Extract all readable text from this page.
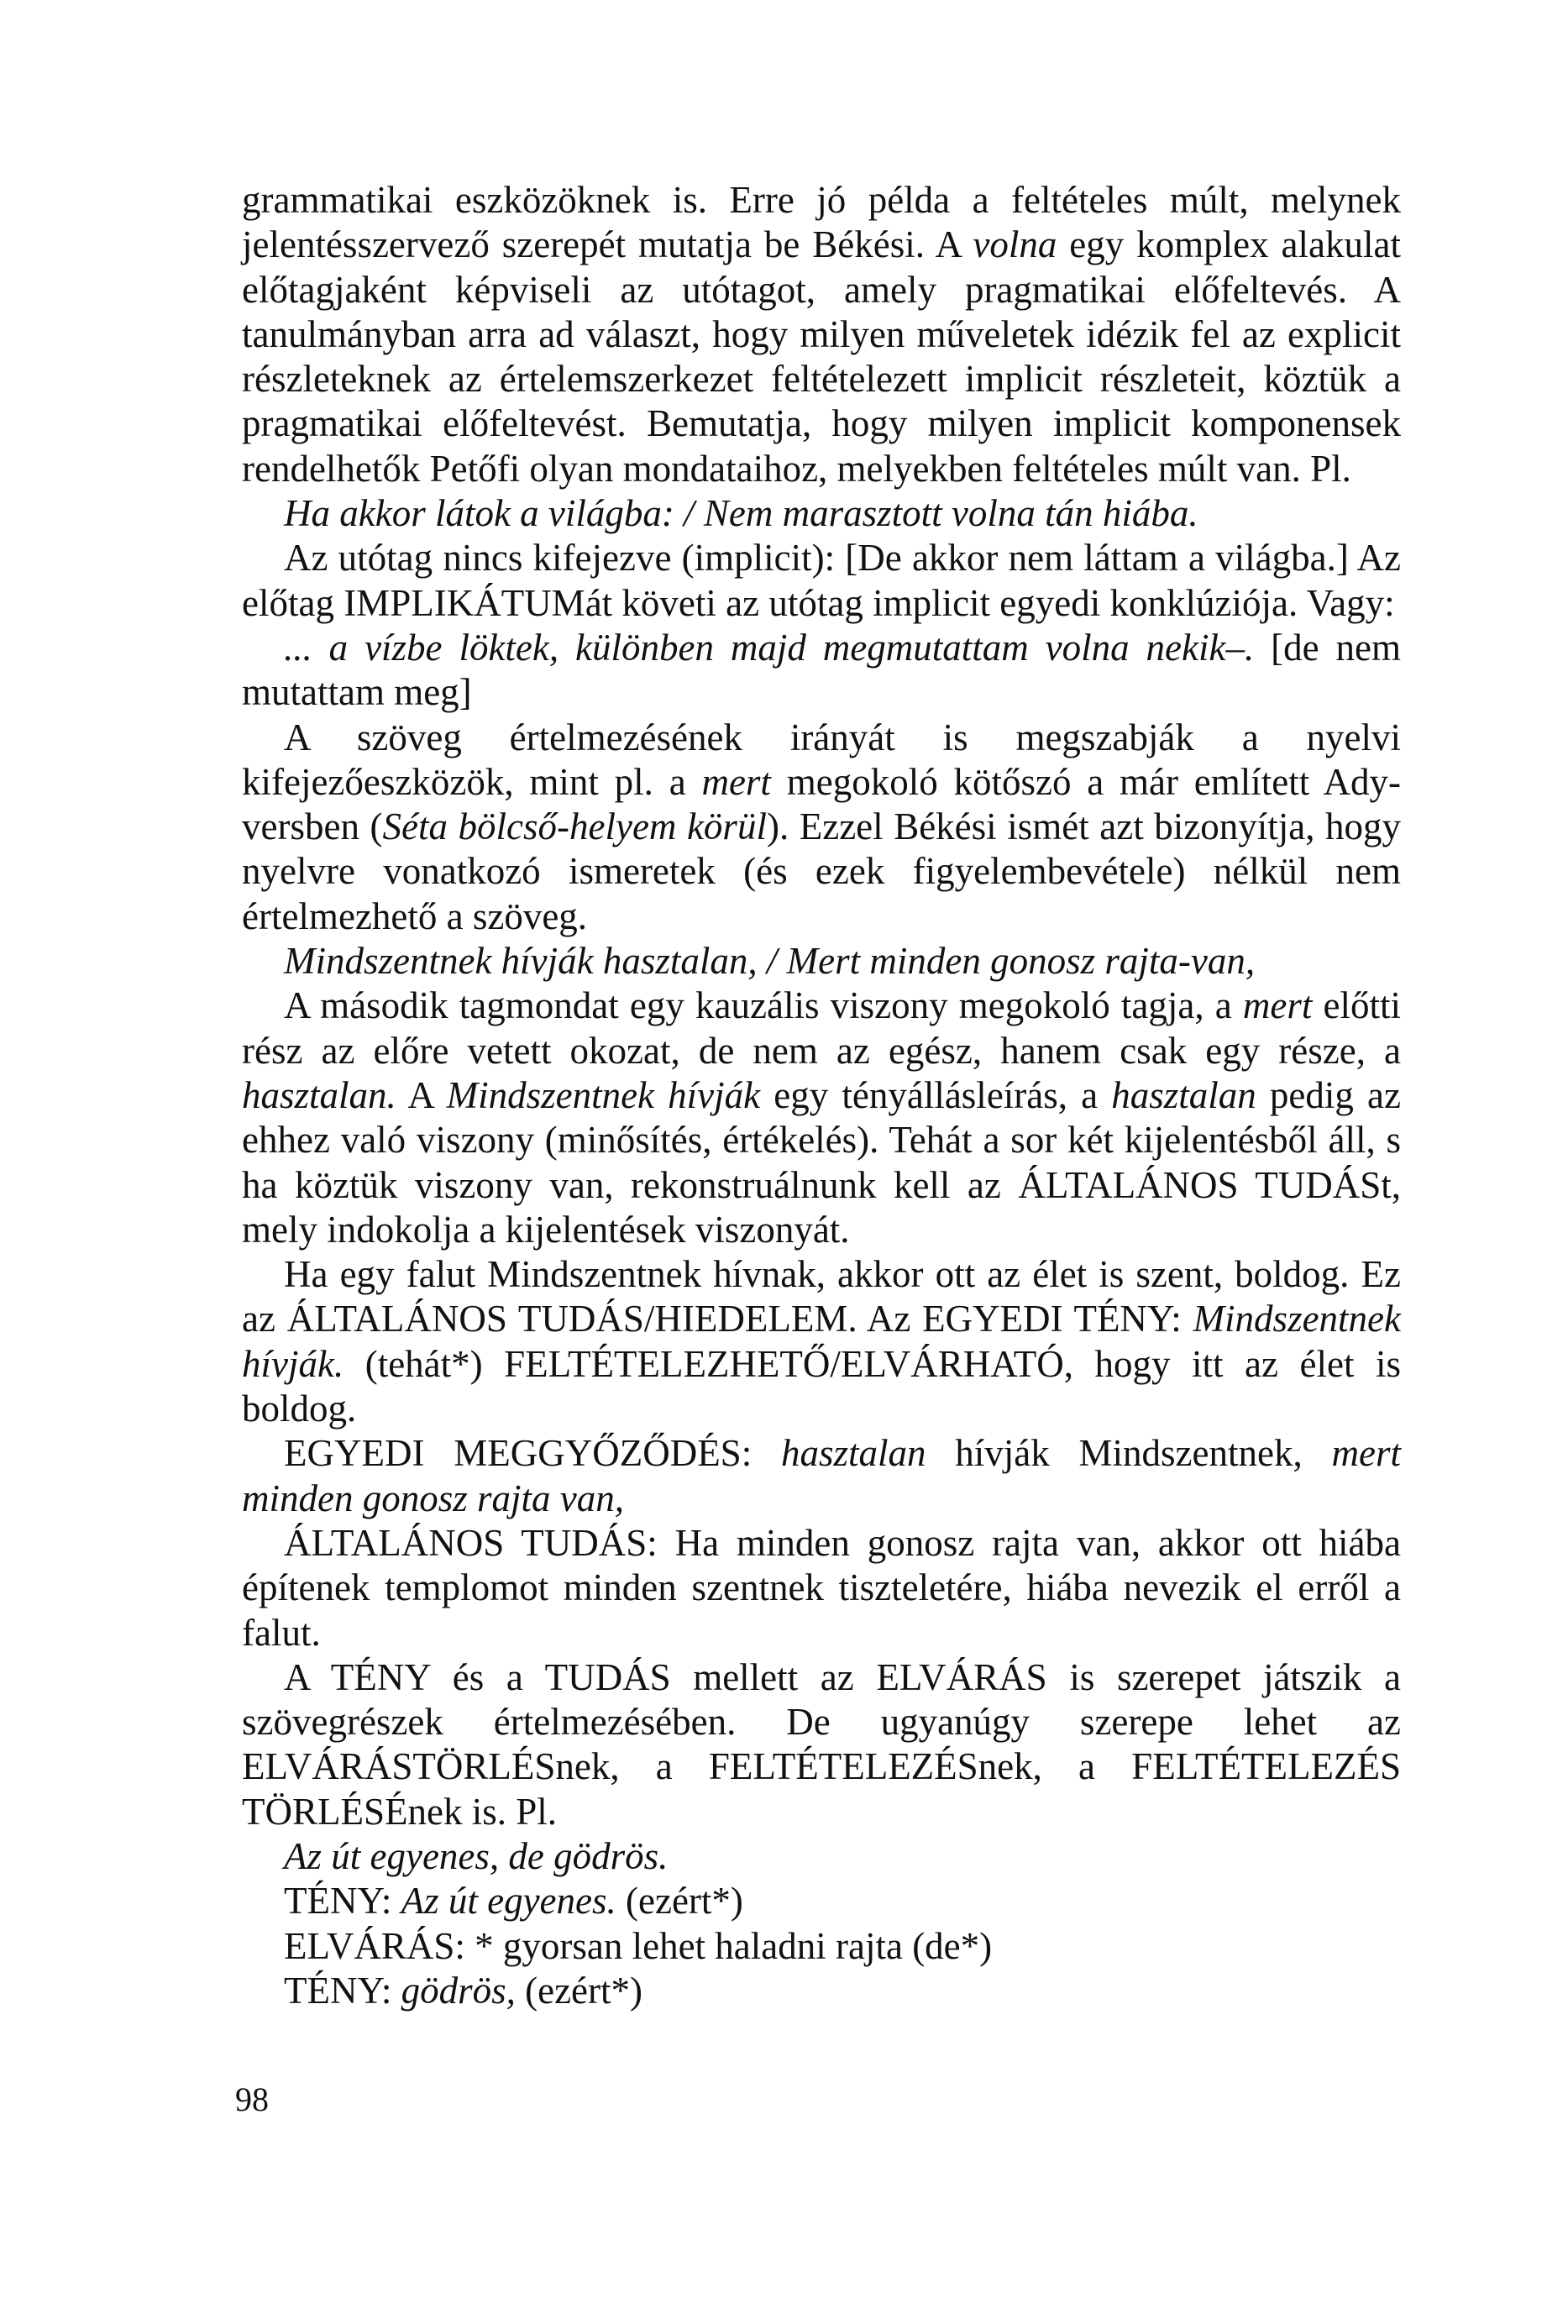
grammatikai eszközöknek is. Erre jó példa a feltételes múlt, melynek jelentésszervező szerepét mutatja be Békési. A volna egy komplex alakulat előtagjaként képviseli az utótagot, amely pragmatikai előfeltevés. A tanulmányban arra ad választ, hogy milyen műveletek idézik fel az explicit részleteknek az értelemszerkezet feltételezett implicit részleteit, köztük a pragmatikai előfeltevést. Bemutatja, hogy milyen implicit komponensek rendelhetők Petőfi olyan mondataihoz, melyekben feltételes múlt van. Pl.

Ha akkor látok a világba: / Nem marasztott volna tán hiába.

Az utótag nincs kifejezve (implicit): [De akkor nem láttam a világba.] Az előtag IMPLIKÁTUMát követi az utótag implicit egyedi konklúziója. Vagy:

... a vízbe löktek, különben majd megmutattam volna nekik–. [de nem mutattam meg]

A szöveg értelmezésének irányát is megszabják a nyelvi kifejezőeszközök, mint pl. a mert megokoló kötőszó a már említett Ady-versben (Séta bölcső-helyem körül). Ezzel Békési ismét azt bizonyítja, hogy nyelvre vonatkozó ismeretek (és ezek figyelembevétele) nélkül nem értelmezhető a szöveg.

Mindszentnek hívják hasztalan, / Mert minden gonosz rajta-van,

A második tagmondat egy kauzális viszony megokoló tagja, a mert előtti rész az előre vetett okozat, de nem az egész, hanem csak egy része, a hasztalan. A Mindszentnek hívják egy tényállásleírás, a hasztalan pedig az ehhez való viszony (minősítés, értékelés). Tehát a sor két kijelentésből áll, s ha köztük viszony van, rekonstruálnunk kell az ÁLTALÁNOS TUDÁSt, mely indokolja a kijelentések viszonyát.

Ha egy falut Mindszentnek hívnak, akkor ott az élet is szent, boldog. Ez az ÁLTALÁNOS TUDÁS/HIEDELEM. Az EGYEDI TÉNY: Mindszentnek hívják. (tehát*) FELTÉTELEZHETŐ/ELVÁRHATÓ, hogy itt az élet is boldog.

EGYEDI MEGGYŐZŐDÉS: hasztalan hívják Mindszentnek, mert minden gonosz rajta van,

ÁLTALÁNOS TUDÁS: Ha minden gonosz rajta van, akkor ott hiába építenek templomot minden szentnek tiszteletére, hiába nevezik el erről a falut.

A TÉNY és a TUDÁS mellett az ELVÁRÁS is szerepet játszik a szövegrészek értelmezésében. De ugyanúgy szerepe lehet az ELVÁRÁSTÖRLÉSnek, a FELTÉTELEZÉSnek, a FELTÉTELEZÉS TÖRLÉSÉnek is. Pl.

Az út egyenes, de gödrös.

TÉNY: Az út egyenes. (ezért*)

ELVÁRÁS: * gyorsan lehet haladni rajta (de*)

TÉNY: gödrös, (ezért*)

98
